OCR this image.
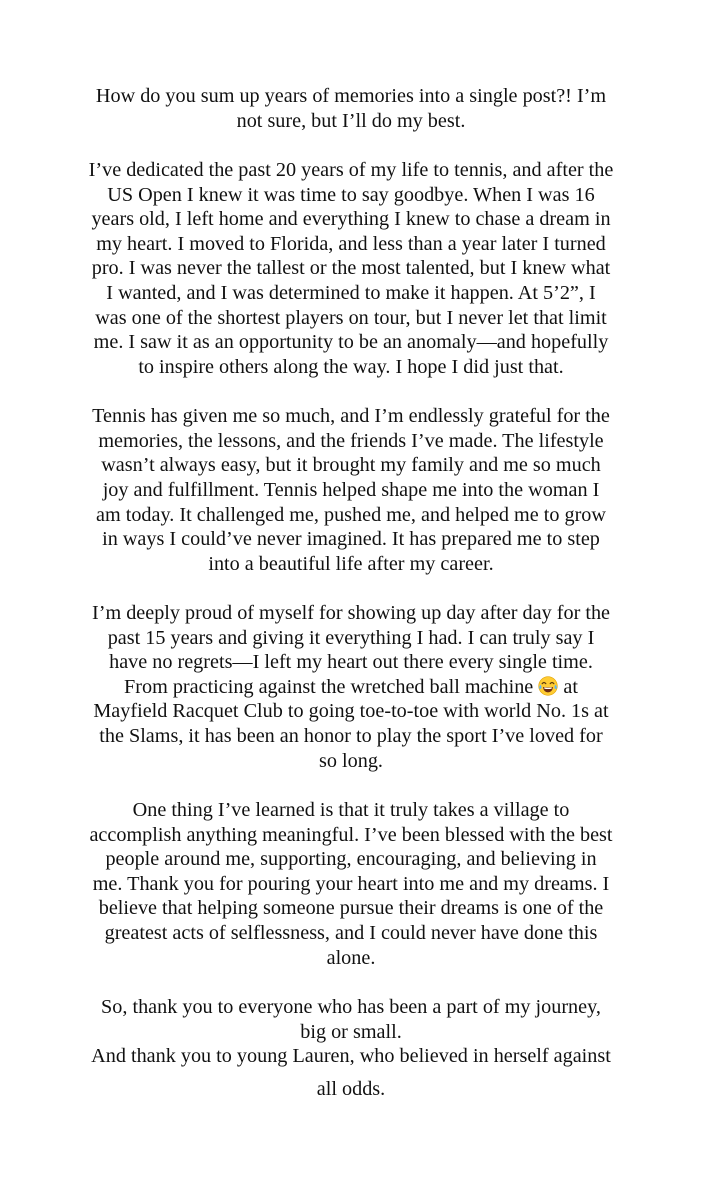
How do you sum up years of memories into a single post?! I’m
not sure, but I’ll do my best.

I’ve dedicated the past 20 years of my life to tennis, and after the
US Open I knew it was time to say goodbye. When I was 16
years old, I left home and everything I knew to chase a dream in
my heart. I moved to Florida, and less than a year later I turned
pro. I was never the tallest or the most talented, but I knew what
I wanted, and I was determined to make it happen. At 5’2”, I
was one of the shortest players on tour, but I never let that limit
me. I saw it as an opportunity to be an anomaly—and hopefully
to inspire others along the way. I hope I did just that.

Tennis has given me so much, and I’m endlessly grateful for the
memories, the lessons, and the friends I’ve made. The lifestyle
wasn’t always easy, but it brought my family and me so much
joy and fulfillment. Tennis helped shape me into the woman I
am today. It challenged me, pushed me, and helped me to grow
in ways I could’ve never imagined. It has prepared me to step
into a beautiful life after my career.

I’m deeply proud of myself for showing up day after day for the
past 15 years and giving it everything I had. I can truly say I
have no regrets—I left my heart out there every single time.
From practicing against the wretched ball machine at
Mayfield Racquet Club to going toe-to-toe with world No. 1s at
the Slams, it has been an honor to play the sport I’ve loved for
so long.

One thing I’ve learned is that it truly takes a village to
accomplish anything meaningful. I’ve been blessed with the best
people around me, supporting, encouraging, and believing in
me. Thank you for pouring your heart into me and my dreams. I
believe that helping someone pursue their dreams is one of the
greatest acts of selflessness, and I could never have done this
alone.

So, thank you to everyone who has been a part of my journey,
big or small.
And thank you to young Lauren, who believed in herself against
all odds.
